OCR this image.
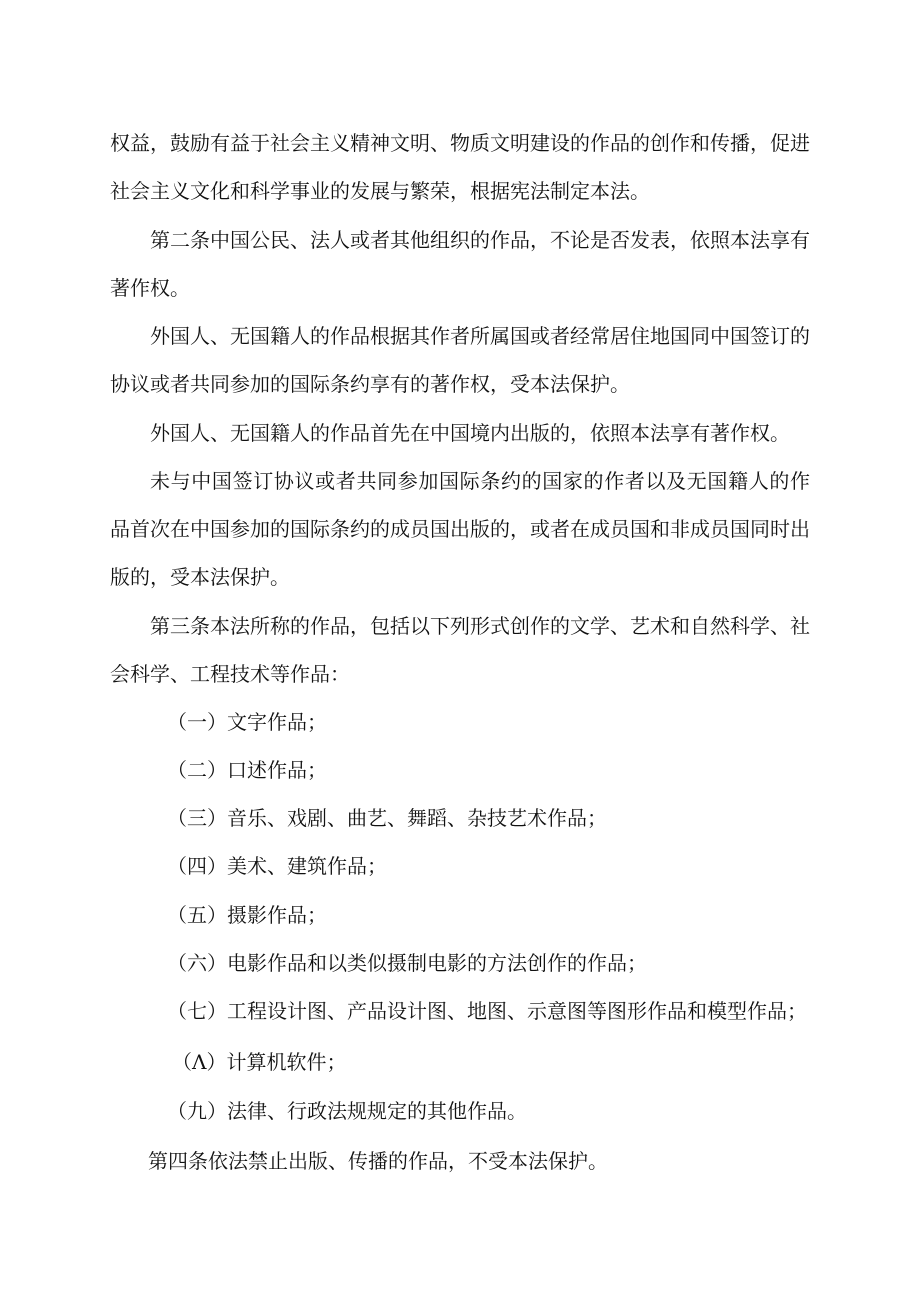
权益，鼓励有益于社会主义精神文明、物质文明建设的作品的创作和传播，促进
社会主义文化和科学事业的发展与繁荣，根据宪法制定本法。
第二条中国公民、法人或者其他组织的作品，不论是否发表，依照本法享有
著作权。
外国人、无国籍人的作品根据其作者所属国或者经常居住地国同中国签订的
协议或者共同参加的国际条约享有的著作权，受本法保护。
外国人、无国籍人的作品首先在中国境内出版的，依照本法享有著作权。
未与中国签订协议或者共同参加国际条约的国家的作者以及无国籍人的作
品首次在中国参加的国际条约的成员国出版的，或者在成员国和非成员国同时出
版的，受本法保护。
第三条本法所称的作品，包括以下列形式创作的文学、艺术和自然科学、社
会科学、工程技术等作品：
（一）文字作品；
（二）口述作品；
（三）音乐、戏剧、曲艺、舞蹈、杂技艺术作品；
（四）美术、建筑作品；
（五）摄影作品；
（六）电影作品和以类似摄制电影的方法创作的作品；
（七）工程设计图、产品设计图、地图、示意图等图形作品和模型作品；
（Λ）计算机软件；
（九）法律、行政法规规定的其他作品。
第四条依法禁止出版、传播的作品，不受本法保护。
